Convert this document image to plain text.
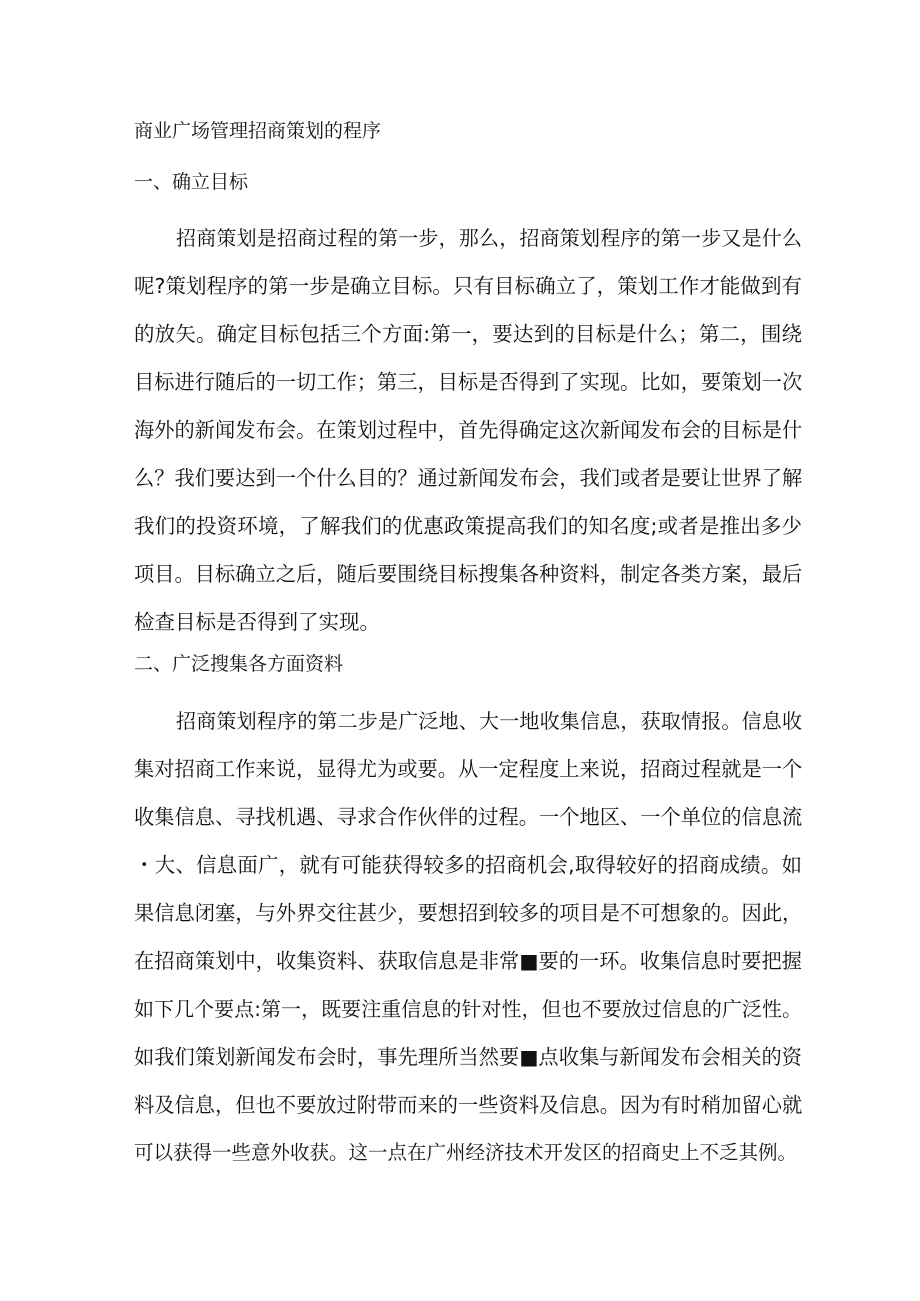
商业广场管理招商策划的程序
一、确立目标
招商策划是招商过程的第一步，那么，招商策划程序的第一步又是什么
呢?策划程序的第一步是确立目标。只有目标确立了，策划工作才能做到有
的放矢。确定目标包括三个方面:第一，要达到的目标是什么；第二，围绕
目标进行随后的一切工作；第三，目标是否得到了实现。比如，要策划一次
海外的新闻发布会。在策划过程中，首先得确定这次新闻发布会的目标是什
么？我们要达到一个什么目的？通过新闻发布会，我们或者是要让世界了解
我们的投资环境，了解我们的优惠政策提高我们的知名度;或者是推出多少
项目。目标确立之后，随后要围绕目标搜集各种资料，制定各类方案，最后
检查目标是否得到了实现。
二、广泛搜集各方面资料
招商策划程序的第二步是广泛地、大一地收集信息，获取情报。信息收
集对招商工作来说，显得尤为或要。从一定程度上来说，招商过程就是一个
收集信息、寻找机遇、寻求合作伙伴的过程。一个地区、一个单位的信息流
・大、信息面广，就有可能获得较多的招商机会,取得较好的招商成绩。如
果信息闭塞，与外界交往甚少，要想招到较多的项目是不可想象的。因此，
在招商策划中，收集资料、获取信息是非常■要的一环。收集信息时要把握
如下几个要点:第一，既要注重信息的针对性，但也不要放过信息的广泛性。
如我们策划新闻发布会时，事先理所当然要■点收集与新闻发布会相关的资
料及信息，但也不要放过附带而来的一些资料及信息。因为有时稍加留心就
可以获得一些意外收获。这一点在广州经济技术开发区的招商史上不乏其例。
